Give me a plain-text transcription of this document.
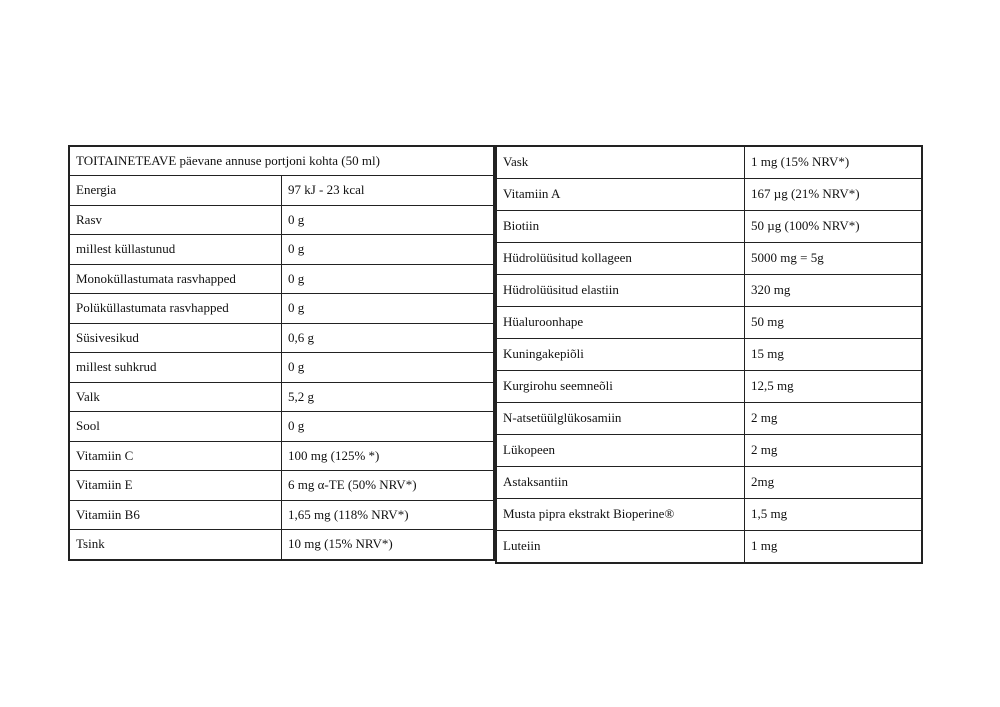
TOITAINETEAVE päevane annuse portjoni kohta (50 ml)	
Energia	97 kJ - 23 kcal
Rasv	0 g
millest küllastunud	0 g
Monoküllastumata rasvhapped	0 g
Polüküllastumata rasvhapped	0 g
Süsivesikud	0,6 g
millest suhkrud	0 g
Valk	5,2 g
Sool	0 g
Vitamiin C	100 mg (125% *)
Vitamiin E	6 mg α-TE (50% NRV*)
Vitamiin B6	1,65 mg (118% NRV*)
Tsink	10 mg (15% NRV*)
Vask	1 mg (15% NRV*)
Vitamiin A	167 µg (21% NRV*)
Biotiin	50 µg (100% NRV*)
Hüdrolüüsitud kollageen	5000 mg = 5g
Hüdrolüüsitud elastiin	320 mg
Hüaluroonhape	50 mg
Kuningakepiõli	15 mg
Kurgirohu seemneõli	12,5 mg
N-atsetüülglükosamiin	2 mg
Lükopeen	2 mg
Astaksantiin	2mg
Musta pipra ekstrakt Bioperine®	1,5 mg
Luteiin	1 mg
